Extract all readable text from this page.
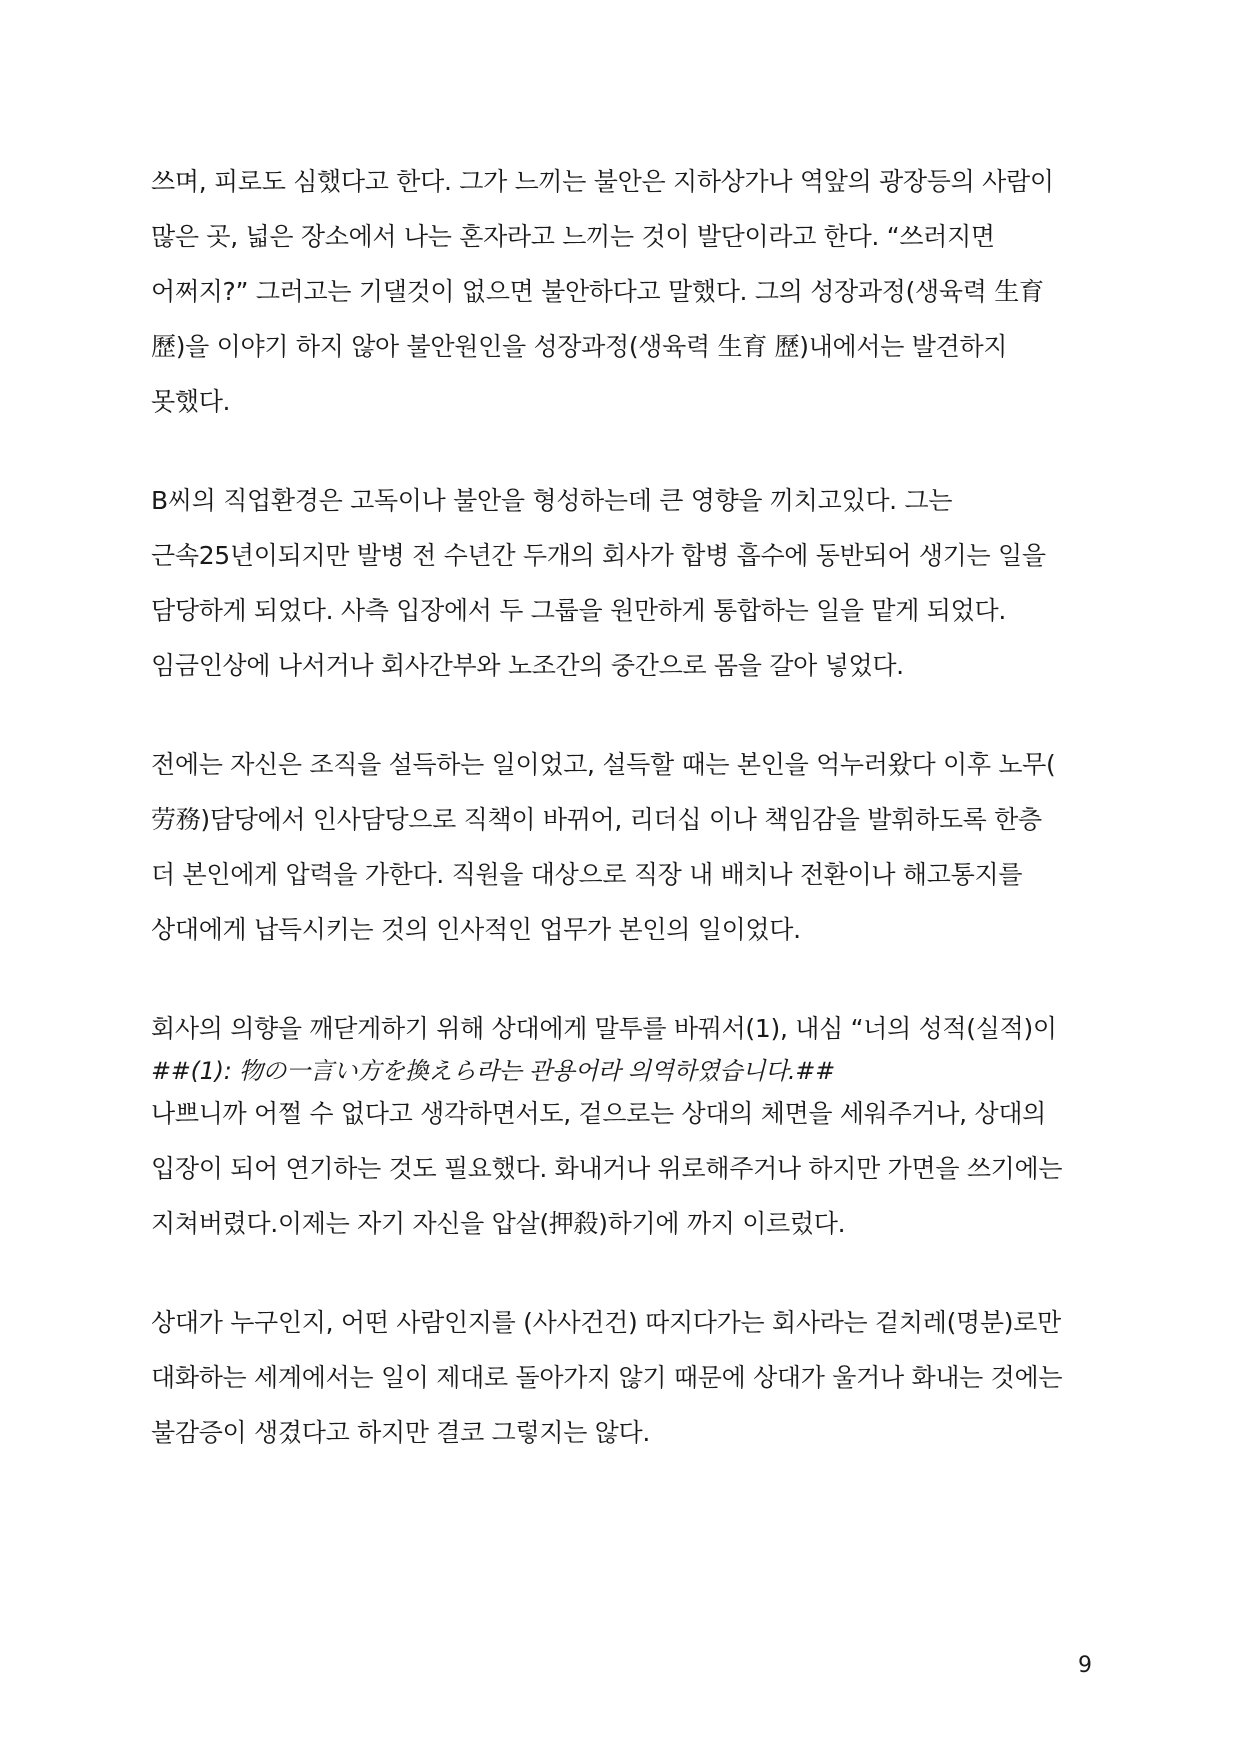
쓰며, 피로도 심했다고 한다. 그가 느끼는 불안은 지하상가나 역앞의 광장등의 사람이
많은 곳, 넓은 장소에서 나는 혼자라고 느끼는 것이 발단이라고 한다. “쓰러지면
어쩌지?” 그러고는 기댈것이 없으면 불안하다고 말했다. 그의 성장과정(생육력 生育
歷)을 이야기 하지 않아 불안원인을 성장과정(생육력 生育 歷)내에서는 발견하지
못했다.
B씨의 직업환경은 고독이나 불안을 형성하는데 큰 영향을 끼치고있다. 그는
근속25년이되지만 발병 전 수년간 두개의 회사가 합병 흡수에 동반되어 생기는 일을
담당하게 되었다. 사측 입장에서 두 그룹을 원만하게 통합하는 일을 맡게 되었다.
임금인상에 나서거나 회사간부와 노조간의 중간으로 몸을 갈아 넣었다.
전에는 자신은 조직을 설득하는 일이었고, 설득할 때는 본인을 억누러왔다 이후 노무(
劳務)담당에서 인사담당으로 직책이 바뀌어, 리더십 이나 책임감을 발휘하도록 한층
더 본인에게 압력을 가한다. 직원을 대상으로 직장 내 배치나 전환이나 해고통지를
상대에게 납득시키는 것의 인사적인 업무가 본인의 일이었다.
회사의 의향을 깨닫게하기 위해 상대에게 말투를 바꿔서(1), 내심 “너의 성적(실적)이
##(1): 物の一言い方を換えら라는 관용어라 의역하였습니다.##
나쁘니까 어쩔 수 없다고 생각하면서도, 겉으로는 상대의 체면을 세워주거나, 상대의
입장이 되어 연기하는 것도 필요했다. 화내거나 위로해주거나 하지만 가면을 쓰기에는
지쳐버렸다.이제는 자기 자신을 압살(押殺)하기에 까지 이르렀다.
상대가 누구인지, 어떤 사람인지를 (사사건건) 따지다가는 회사라는 겉치레(명분)로만
대화하는 세계에서는 일이 제대로 돌아가지 않기 때문에 상대가 울거나 화내는 것에는
불감증이 생겼다고 하지만 결코 그렇지는 않다.
9
